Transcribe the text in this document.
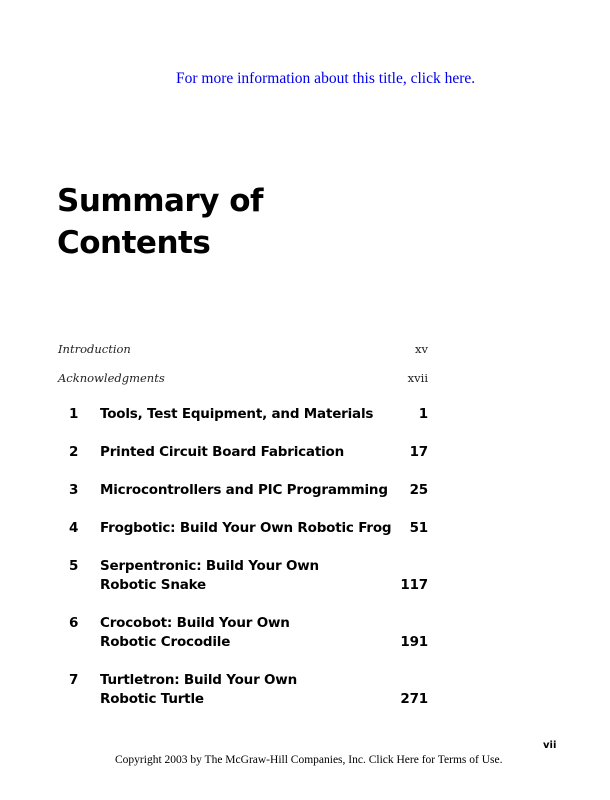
For more information about this title, click here.
Summary of
Contents
Introduction	xv
Acknowledgments	xvii
1 Tools, Test Equipment, and Materials	1
2 Printed Circuit Board Fabrication	17
3 Microcontrollers and PIC Programming 25
4 Frogbotic: Build Your Own Robotic Frog 51
5 Serpentronic: Build Your Own
Robotic Snake	117
6 Crocobot: Build Your Own
Robotic Crocodile	191
7 Turtletron: Build Your Own
Robotic Turtle	271
vii
Copyright 2003 by The McGraw-Hill Companies, Inc. Click Here for Terms of Use.
